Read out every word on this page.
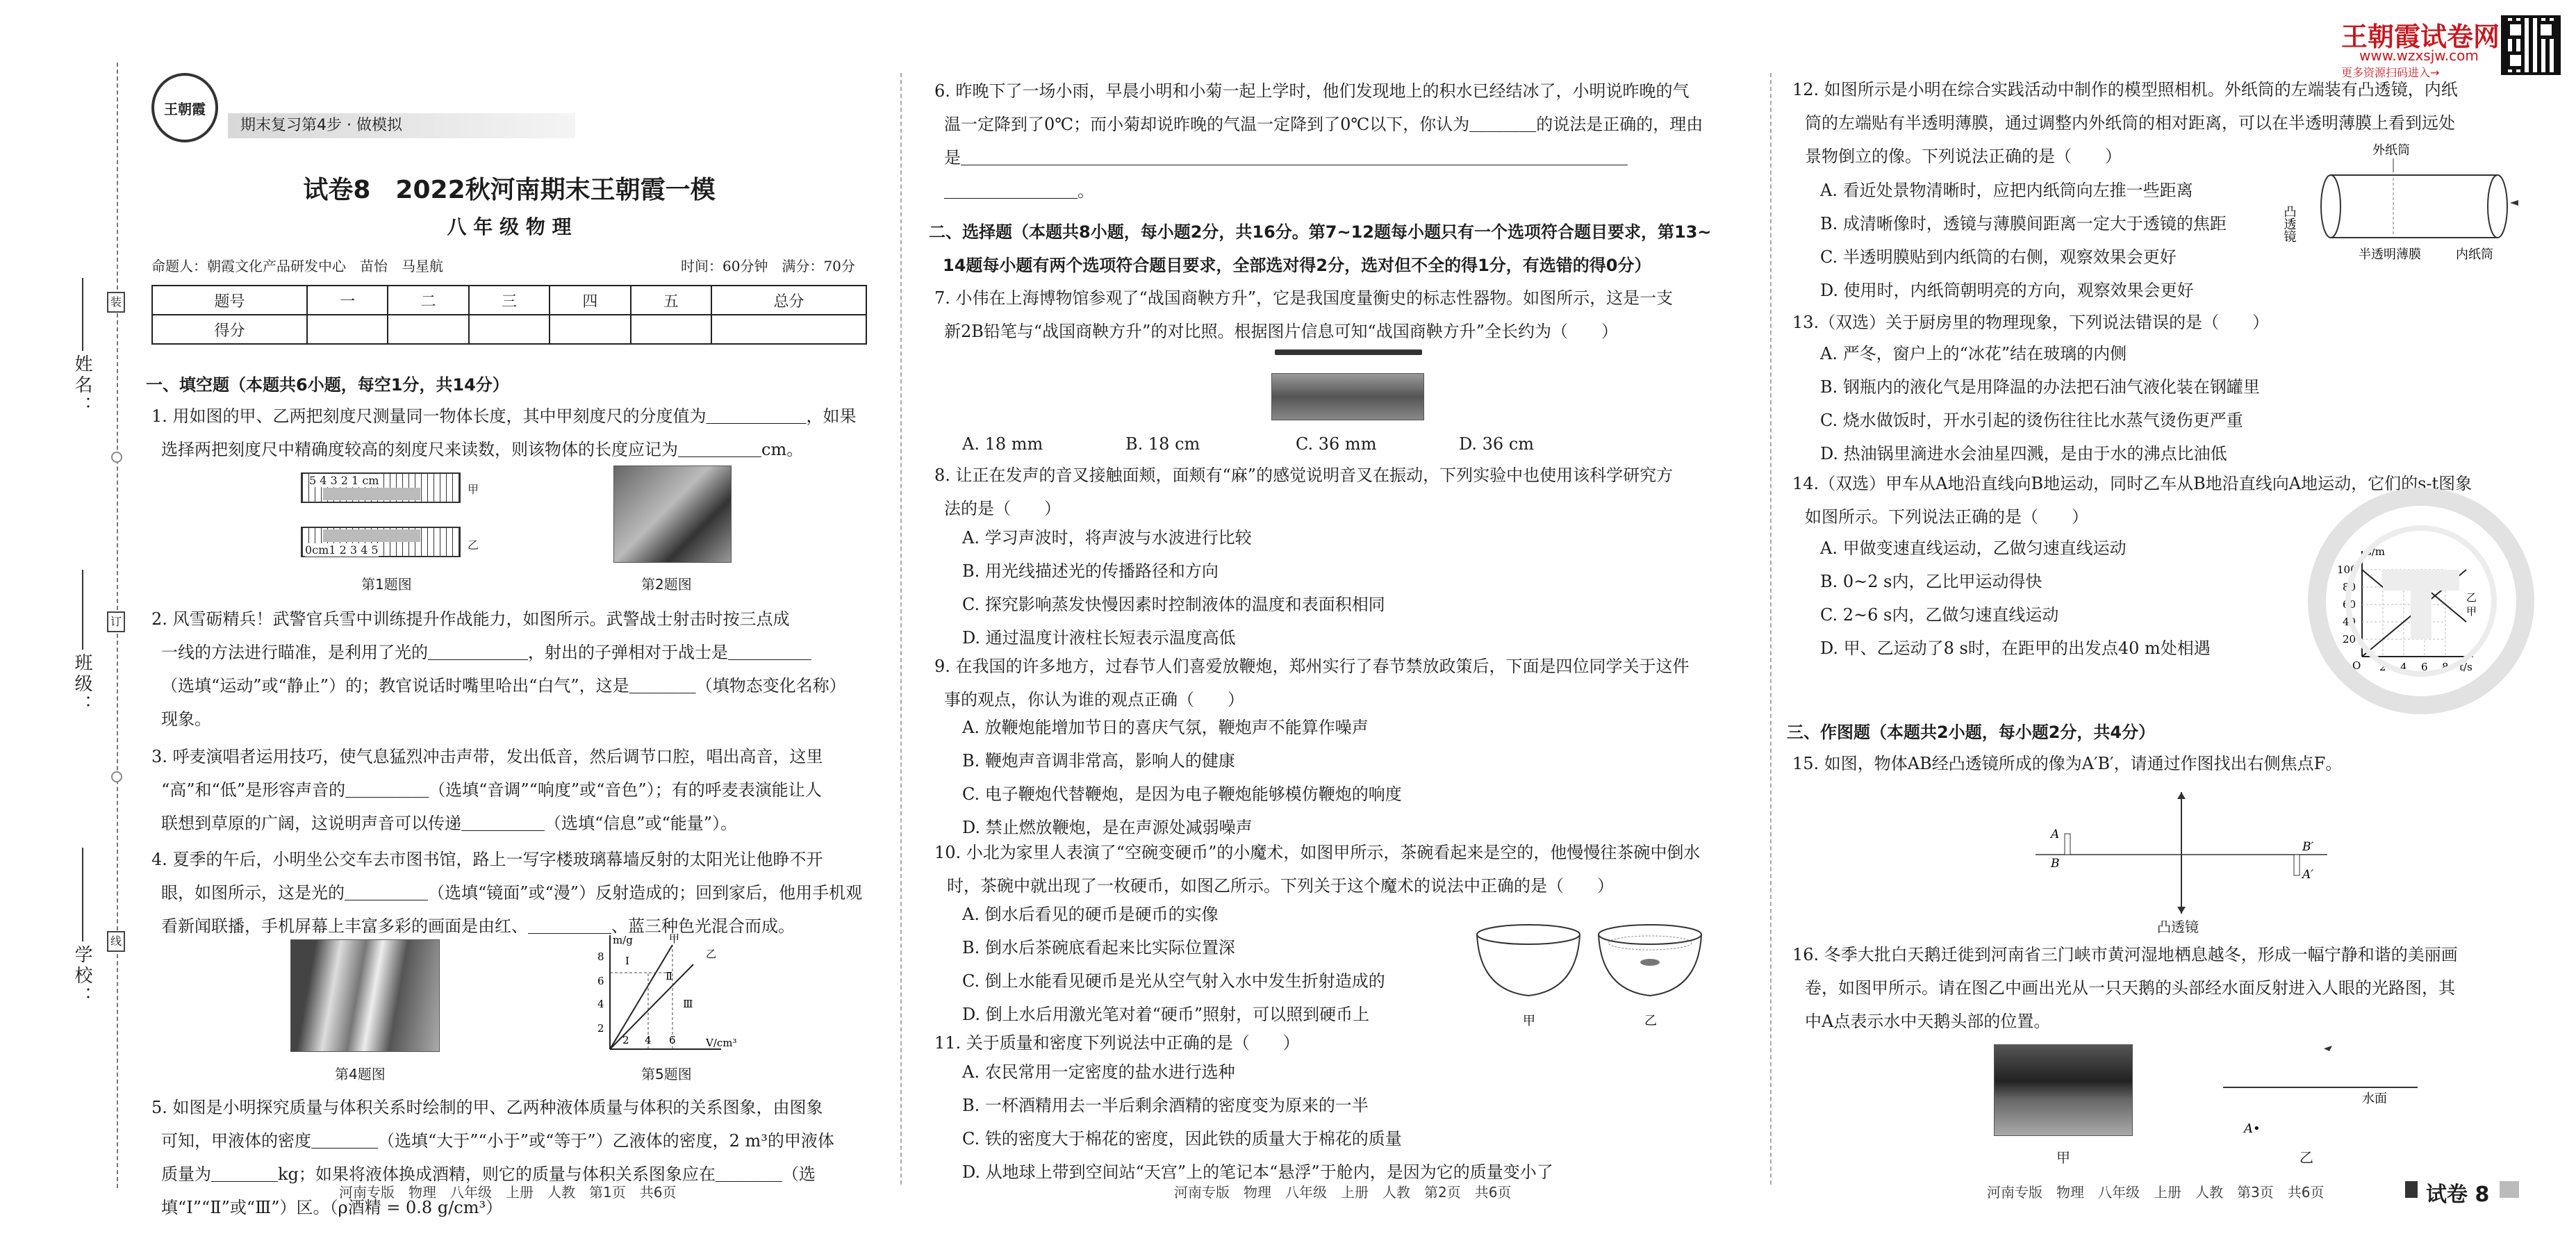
姓名：
班级：
学校：
装
订
线
王朝霞试卷网
www.wzxsjw.com
更多资源扫码进入→
王朝霞
期末复习第4步 · 做模拟
试卷8　2022秋河南期末王朝霞一模
八 年 级 物 理
命题人：朝霞文化产品研发中心　苗怡　马星航	时间：60分钟　满分：70分
题号	一	二	三	四	五	总分
得分						
一、填空题（本题共6小题，每空1分，共14分）

1. 用如图的甲、乙两把刻度尺测量同一物体长度，其中甲刻度尺的分度值为＿＿＿＿＿＿，如果

选择两把刻度尺中精确度较高的刻度尺来读数，则该物体的长度应记为＿＿＿＿＿cm。

5 4 3 2 1 cm
甲
0cm1 2 3 4 5	乙
第1题图	第2题图

2. 风雪砺精兵！武警官兵雪中训练提升作战能力，如图所示。武警战士射击时按三点成

一线的方法进行瞄准，是利用了光的＿＿＿＿＿＿，射出的子弹相对于战士是＿＿＿＿＿

（选填“运动”或“静止”）的；教官说话时嘴里哈出“白气”，这是＿＿＿＿（填物态变化名称）

现象。

3. 呼麦演唱者运用技巧，使气息猛烈冲击声带，发出低音，然后调节口腔，唱出高音，这里

“高”和“低”是形容声音的＿＿＿＿＿（选填“音调”“响度”或“音色”）；有的呼麦表演能让人

联想到草原的广阔，这说明声音可以传递＿＿＿＿＿（选填“信息”或“能量”）。

4. 夏季的午后，小明坐公交车去市图书馆，路上一写字楼玻璃幕墙反射的太阳光让他睁不开

眼，如图所示，这是光的＿＿＿＿＿（选填“镜面”或“漫”）反射造成的；回到家后，他用手机观

看新闻联播，手机屏幕上丰富多彩的画面是由红、＿＿＿＿＿、蓝三种色光混合而成。

m/g
V/cm³
2
4
6
8
2 4 6
甲
乙
Ⅰ
Ⅱ
Ⅲ
第4题图	第5题图

5. 如图是小明探究质量与体积关系时绘制的甲、乙两种液体质量与体积的关系图象，由图象

可知，甲液体的密度＿＿＿＿（选填“大于”“小于”或“等于”）乙液体的密度，2 m³的甲液体

质量为＿＿＿＿kg；如果将液体换成酒精，则它的质量与体积关系图象应在＿＿＿＿（选

填“Ⅰ”“Ⅱ”或“Ⅲ”）区。（ρ酒精 = 0.8 g/cm³）

河南专版　物理　八年级　上册　人教　第1页　共6页

6. 昨晚下了一场小雨，早晨小明和小菊一起上学时，他们发现地上的积水已经结冰了，小明说昨晚的气

温一定降到了0℃；而小菊却说昨晚的气温一定降到了0℃以下，你认为＿＿＿＿的说法是正确的，理由

是＿＿＿＿＿＿＿＿＿＿＿＿＿＿＿＿＿＿＿＿＿＿＿＿＿＿＿＿＿＿＿＿＿＿＿＿＿＿＿＿

＿＿＿＿＿＿＿＿。

二、选择题（本题共8小题，每小题2分，共16分。第7~12题每小题只有一个选项符合题目要求，第13~

14题每小题有两个选项符合题目要求，全部选对得2分，选对但不全的得1分，有选错的得0分）

7. 小伟在上海博物馆参观了“战国商鞅方升”，它是我国度量衡史的标志性器物。如图所示，这是一支

新2B铅笔与“战国商鞅方升”的对比照。根据图片信息可知“战国商鞅方升”全长约为（　　）

A. 18 mm	B. 18 cm	C. 36 mm	D. 36 cm

8. 让正在发声的音叉接触面颊，面颊有“麻”的感觉说明音叉在振动，下列实验中也使用该科学研究方

法的是（　　）

A. 学习声波时，将声波与水波进行比较

B. 用光线描述光的传播路径和方向

C. 探究影响蒸发快慢因素时控制液体的温度和表面积相同

D. 通过温度计液柱长短表示温度高低

9. 在我国的许多地方，过春节人们喜爱放鞭炮，郑州实行了春节禁放政策后，下面是四位同学关于这件

事的观点，你认为谁的观点正确（　　）

A. 放鞭炮能增加节日的喜庆气氛，鞭炮声不能算作噪声

B. 鞭炮声音调非常高，影响人的健康

C. 电子鞭炮代替鞭炮，是因为电子鞭炮能够模仿鞭炮的响度

D. 禁止燃放鞭炮，是在声源处减弱噪声

10. 小北为家里人表演了“空碗变硬币”的小魔术，如图甲所示，茶碗看起来是空的，他慢慢往茶碗中倒水

时，茶碗中就出现了一枚硬币，如图乙所示。下列关于这个魔术的说法中正确的是（　　）

A. 倒水后看见的硬币是硬币的实像

B. 倒水后茶碗底看起来比实际位置深

C. 倒上水能看见硬币是光从空气射入水中发生折射造成的

D. 倒上水后用激光笔对着“硬币”照射，可以照到硬币上	甲	乙

11. 关于质量和密度下列说法中正确的是（　　）

A. 农民常用一定密度的盐水进行选种

B. 一杯酒精用去一半后剩余酒精的密度变为原来的一半

C. 铁的密度大于棉花的密度，因此铁的质量大于棉花的质量

D. 从地球上带到空间站“天宫”上的笔记本“悬浮”于舱内，是因为它的质量变小了

河南专版　物理　八年级　上册　人教　第2页　共6页

12. 如图所示是小明在综合实践活动中制作的模型照相机。外纸筒的左端装有凸透镜，内纸

筒的左端贴有半透明薄膜，通过调整内外纸筒的相对距离，可以在半透明薄膜上看到远处

景物倒立的像。下列说法正确的是（　　）

A. 看近处景物清晰时，应把内纸筒向左推一些距离

B. 成清晰像时，透镜与薄膜间距离一定大于透镜的焦距

C. 半透明膜贴到内纸筒的右侧，观察效果会更好

D. 使用时，内纸筒朝明亮的方向，观察效果会更好

外纸筒
凸透镜
半透明薄膜	内纸筒

13.（双选）关于厨房里的物理现象，下列说法错误的是（　　）

A. 严冬，窗户上的“冰花”结在玻璃的内侧

B. 钢瓶内的液化气是用降温的办法把石油气液化装在钢罐里

C. 烧水做饭时，开水引起的烫伤往往比水蒸气烫伤更严重

D. 热油锅里滴进水会油星四溅，是由于水的沸点比油低

14.（双选）甲车从A地沿直线向B地运动，同时乙车从B地沿直线向A地运动，它们的s-t图象

如图所示。下列说法正确的是（　　）

A. 甲做变速直线运动，乙做匀速直线运动

B. 0~2 s内，乙比甲运动得快

C. 2~6 s内，乙做匀速直线运动

D. 甲、乙运动了8 s时，在距甲的出发点40 m处相遇

s/m
t/s
O
20
40
60
80
100
2 4 6 8
甲
乙
三、作图题（本题共2小题，每小题2分，共4分）

15. 如图，物体AB经凸透镜所成的像为A′B′，请通过作图找出右侧焦点F。

A
B
B′
A′
凸透镜

16. 冬季大批白天鹅迁徙到河南省三门峡市黄河湿地栖息越冬，形成一幅宁静和谐的美丽画

卷，如图甲所示。请在图乙中画出光从一只天鹅的头部经水面反射进入人眼的光路图，其

中A点表示水中天鹅头部的位置。

甲
水面
A•
乙
河南专版　物理　八年级　上册　人教　第3页　共6页	试卷 8
